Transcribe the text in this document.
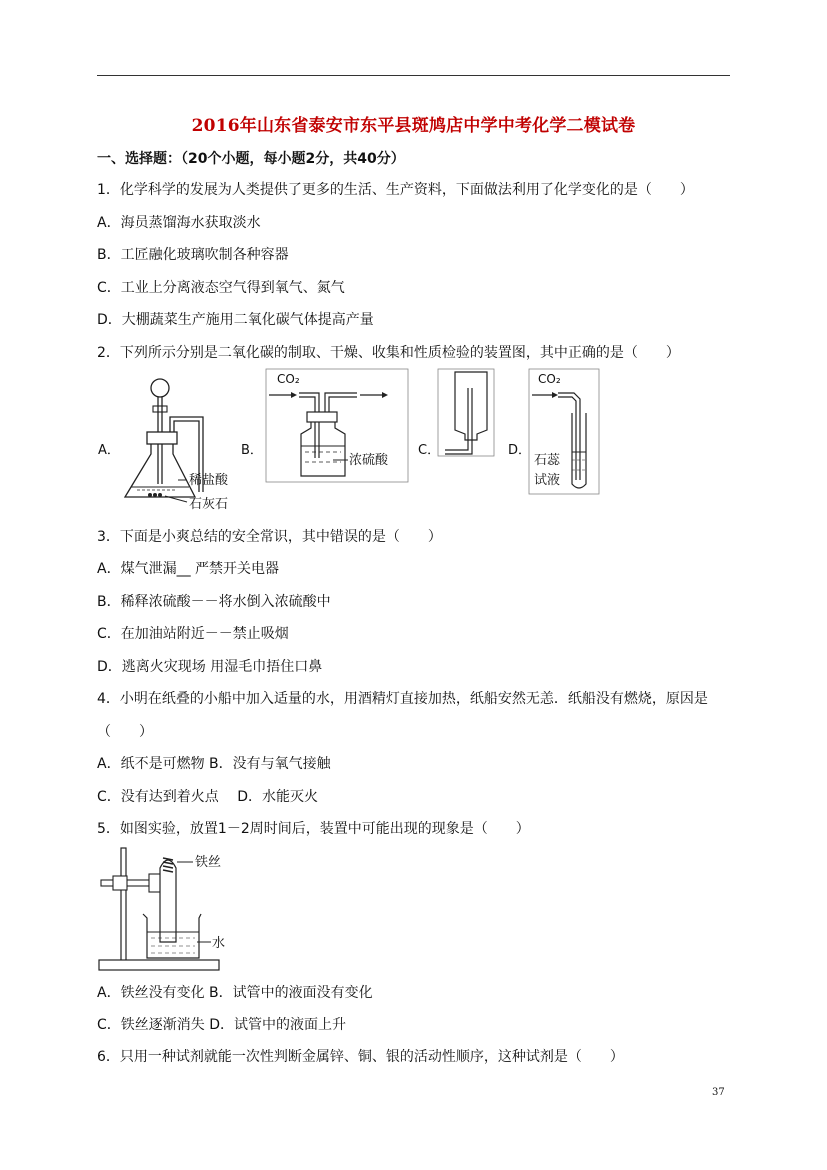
2016年山东省泰安市东平县斑鸠店中学中考化学二模试卷
一、选择题：（20个小题，每小题2分，共40分）
1．化学科学的发展为人类提供了更多的生活、生产资料，下面做法利用了化学变化的是（　　）
A．海员蒸馏海水获取淡水
B．工匠融化玻璃吹制各种容器
C．工业上分离液态空气得到氧气、氮气
D．大棚蔬菜生产施用二氧化碳气体提高产量
2．下列所示分别是二氧化碳的制取、干燥、收集和性质检验的装置图，其中正确的是（　　）
A．
稀盐酸
石灰石
B．
CO₂
浓硫酸
C．	D．
CO₂
石蕊
试液
3．下面是小爽总结的安全常识，其中错误的是（　　）
A．煤气泄漏__ 严禁开关电器
B．稀释浓硫酸－－将水倒入浓硫酸中
C．在加油站附近－－禁止吸烟
D．逃离火灾现场 用湿毛巾捂住口鼻
4．小明在纸叠的小船中加入适量的水，用酒精灯直接加热，纸船安然无恙．纸船没有燃烧，原因是
（　　）
A．纸不是可燃物 B．没有与氧气接触
C．没有达到着火点　 D．水能灭火
5．如图实验，放置1－2周时间后，装置中可能出现的现象是（　　）
铁丝
水
A．铁丝没有变化 B．试管中的液面没有变化
C．铁丝逐渐消失 D．试管中的液面上升
6．只用一种试剂就能一次性判断金属锌、铜、银的活动性顺序，这种试剂是（　　）
37
